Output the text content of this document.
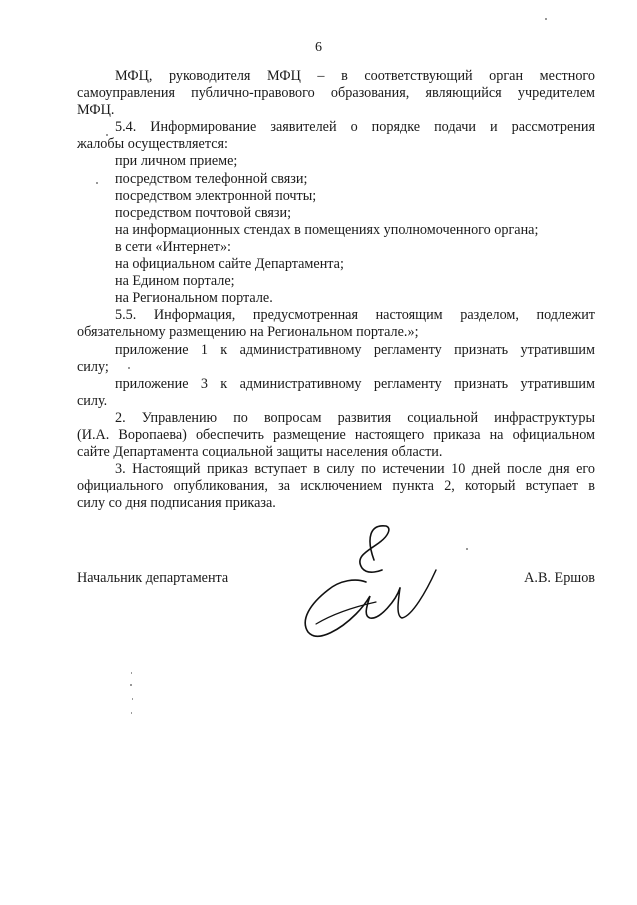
6

МФЦ, руководителя МФЦ – в соответствующий орган местного

самоуправления публично-правового образования, являющийся учредителем

МФЦ.

5.4. Информирование заявителей о порядке подачи и рассмотрения

жалобы осуществляется:

при личном приеме;

посредством телефонной связи;

посредством электронной почты;

посредством почтовой связи;

на информационных стендах в помещениях уполномоченного органа;

в сети «Интернет»:

на официальном сайте Департамента;

на Едином портале;

на Региональном портале.

5.5. Информация, предусмотренная настоящим разделом, подлежит

обязательному размещению на Региональном портале.»;

приложение 1 к административному регламенту признать утратившим

силу;

приложение 3 к административному регламенту признать утратившим

силу.

2. Управлению по вопросам развития социальной инфраструктуры

(И.А. Воропаева) обеспечить размещение настоящего приказа на официальном

сайте Департамента социальной защиты населения области.

3. Настоящий приказ вступает в силу по истечении 10 дней после дня его

официального опубликования, за исключением пункта 2, который вступает в

силу со дня подписания приказа.

Начальник департамента	А.В. Ершов
